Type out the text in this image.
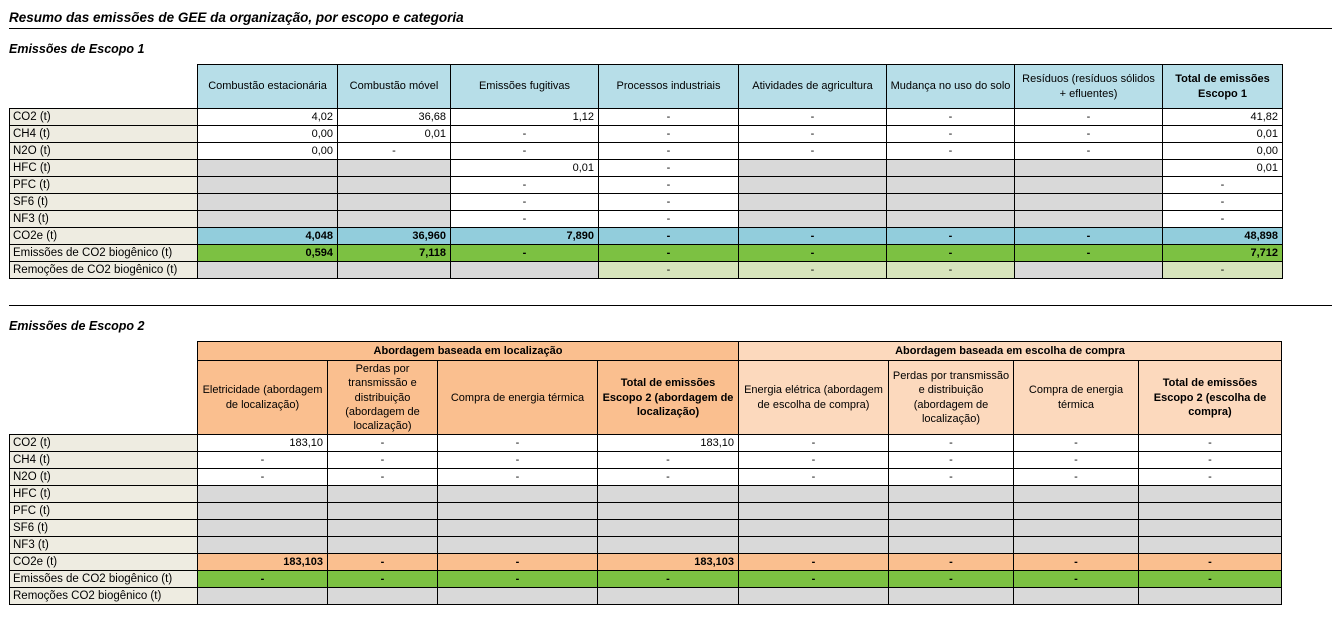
Resumo das emissões de GEE da organização, por escopo e categoria
Emissões de Escopo 1
	Combustão estacionária	Combustão móvel	Emissões fugitivas	Processos industriais	Atividades de agricultura	Mudança no uso do solo	Resíduos (resíduos sólidos + efluentes)	Total de emissões Escopo 1
CO2 (t)	4,02	36,68	1,12	-	-	-	-	41,82
CH4 (t)	0,00	0,01	-	-	-	-	-	0,01
N2O (t)	0,00	-	-	-	-	-	-	0,00
HFC (t)			0,01	-				0,01
PFC (t)			-	-				-
SF6 (t)			-	-				-
NF3 (t)			-	-				-
CO2e (t)	4,048	36,960	7,890	-	-	-	-	48,898
Emissões de CO2 biogênico (t)	0,594	7,118	-	-	-	-	-	7,712
Remoções de CO2 biogênico (t)				-	-	-		-
Emissões de Escopo 2
	Abordagem baseada em localização				Abordagem baseada em escolha de compra			
	Eletricidade (abordagem de localização)	Perdas por transmissão e distribuição (abordagem de localização)	Compra de energia térmica	Total de emissões Escopo 2 (abordagem de localização)	Energia elétrica (abordagem de escolha de compra)	Perdas por transmissão e distribuição (abordagem de localização)	Compra de energia térmica	Total de emissões Escopo 2 (escolha de compra)
CO2 (t)	183,10	-	-	183,10	-	-	-	-
CH4 (t)	-	-	-	-	-	-	-	-
N2O (t)	-	-	-	-	-	-	-	-
HFC (t)								
PFC (t)								
SF6 (t)								
NF3 (t)								
CO2e (t)	183,103	-	-	183,103	-	-	-	-
Emissões de CO2 biogênico (t)	-	-	-	-	-	-	-	-
Remoções CO2 biogênico (t)								
